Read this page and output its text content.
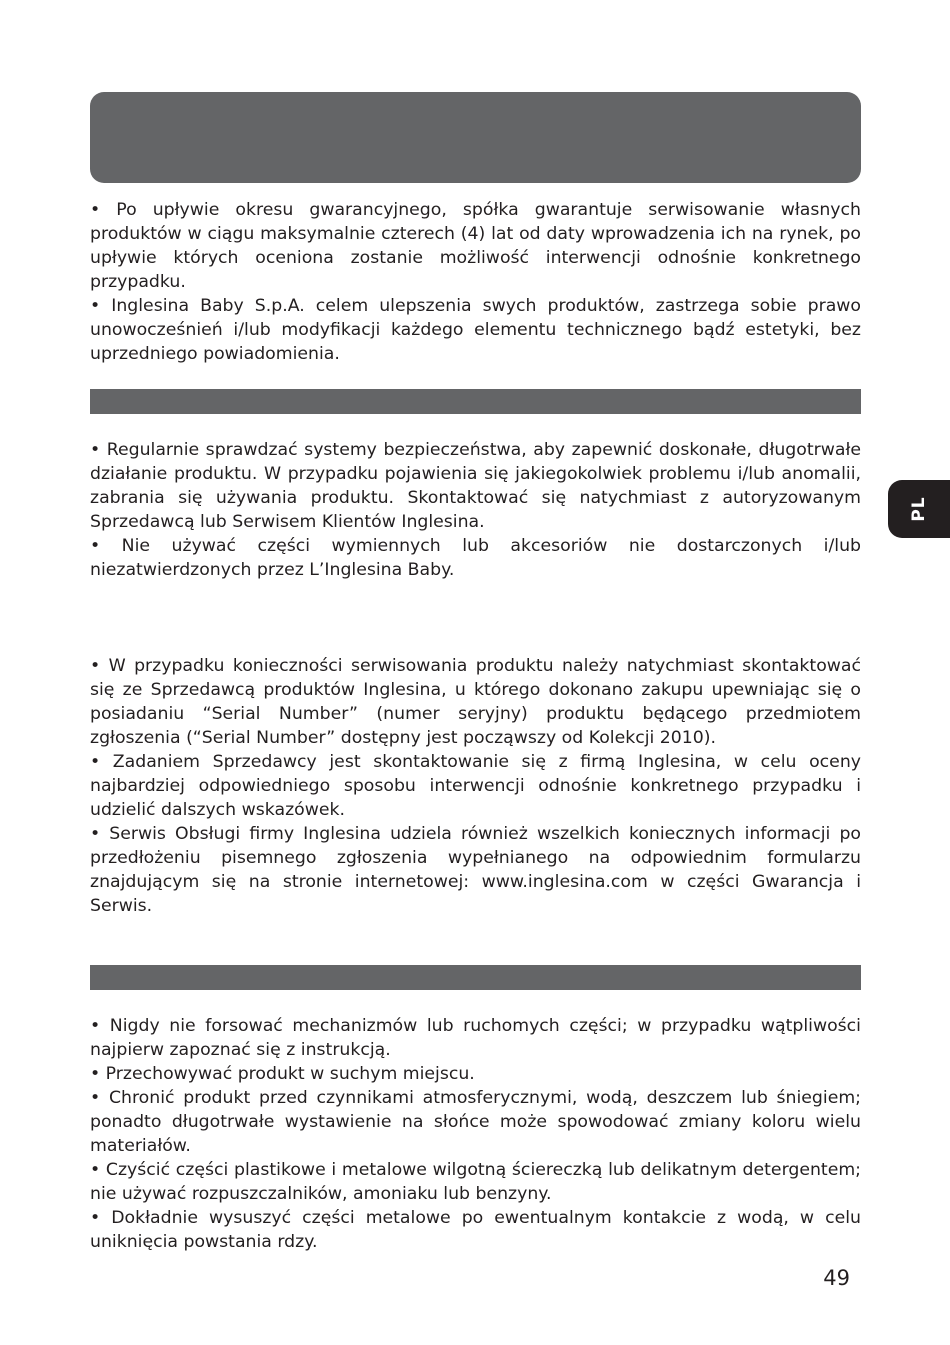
• Po upływie okresu gwarancyjnego, spółka gwarantuje serwisowanie własnych produktów w ciągu maksymalnie czterech (4) lat od daty wprowadzenia ich na rynek, po upływie których oceniona zostanie możliwość interwencji odnośnie konkretnego przypadku.

• Inglesina Baby S.p.A. celem ulepszenia swych produktów, zastrzega sobie prawo unowocześnień i/lub modyfikacji każdego elementu technicznego bądź estetyki, bez uprzedniego powiadomienia.

• Regularnie sprawdzać systemy bezpieczeństwa, aby zapewnić doskonałe, długotrwałe działanie produktu. W przypadku pojawienia się jakiegokolwiek problemu i/lub anomalii, zabrania się używania produktu. Skontaktować się natychmiast z autoryzowanym Sprzedawcą lub Serwisem Klientów Inglesina.

• Nie używać części wymiennych lub akcesoriów nie dostarczonych i/lub niezatwierdzonych przez L’Inglesina Baby.

• W przypadku konieczności serwisowania produktu należy natychmiast skontaktować się ze Sprzedawcą produktów Inglesina, u którego dokonano zakupu upewniając się o posiadaniu “Serial Number” (numer seryjny) produktu będącego przedmiotem zgłoszenia (“Serial Number” dostępny jest począwszy od Kolekcji 2010).

• Zadaniem Sprzedawcy jest skontaktowanie się z firmą Inglesina, w celu oceny najbardziej odpowiedniego sposobu interwencji odnośnie konkretnego przypadku i udzielić dalszych wskazówek.

• Serwis Obsługi firmy Inglesina udziela również wszelkich koniecznych informacji po przedłożeniu pisemnego zgłoszenia wypełnianego na odpowiednim formularzu znajdującym się na stronie internetowej: www.inglesina.com w części Gwarancja i Serwis.

• Nigdy nie forsować mechanizmów lub ruchomych części; w przypadku wątpliwości najpierw zapoznać się z instrukcją.

• Przechowywać produkt w suchym miejscu.

• Chronić produkt przed czynnikami atmosferycznymi, wodą, deszczem lub śniegiem; ponadto długotrwałe wystawienie na słońce może spowodować zmiany koloru wielu materiałów.

• Czyścić części plastikowe i metalowe wilgotną ściereczką lub delikatnym detergentem; nie używać rozpuszczalników, amoniaku lub benzyny.

• Dokładnie wysuszyć części metalowe po ewentualnym kontakcie z wodą, w celu uniknięcia powstania rdzy.

PL
49
